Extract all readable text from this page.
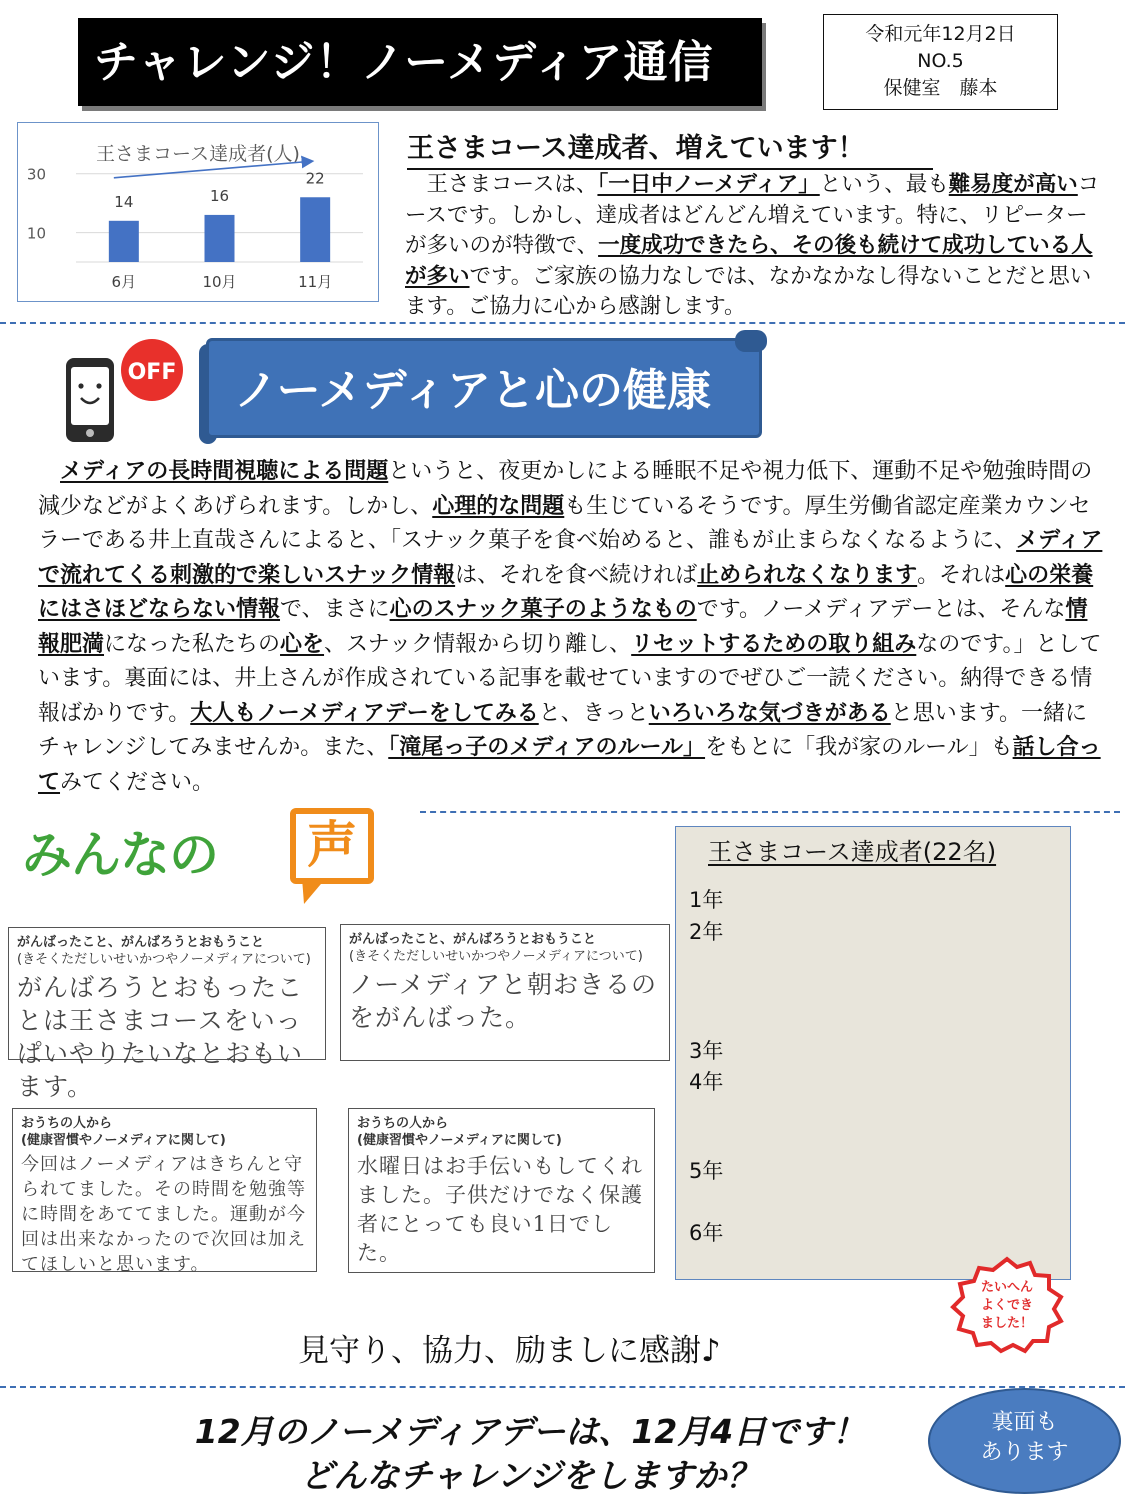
チャレンジ！ノーメディア通信
令和元年12月2日
NO.5
保健室　藤本
王さまコース達成者(人)
30
10
14
6月
16
10月
22
11月
王さまコース達成者、増えています！
　王さまコースは、「一日中ノーメディア」という、最も難易度が高いコースです。しかし、達成者はどんどん増えています。特に、リピーターが多いのが特徴で、一度成功できたら、その後も続けて成功している人が多いです。ご家族の協力なしでは、なかなかなし得ないことだと思います。ご協力に心から感謝します。
OFF ノーメディアと心の健康
　メディアの長時間視聴による問題というと、夜更かしによる睡眠不足や視力低下、運動不足や勉強時間の減少などがよくあげられます。しかし、心理的な問題も生じているそうです。厚生労働省認定産業カウンセラーである井上直哉さんによると、「スナック菓子を食べ始めると、誰もが止まらなくなるように、メディアで流れてくる刺激的で楽しいスナック情報は、それを食べ続ければ止められなくなります。それは心の栄養にはさほどならない情報で、まさに心のスナック菓子のようなものです。ノーメディアデーとは、そんな情報肥満になった私たちの心を、スナック情報から切り離し、リセットするための取り組みなのです。」としています。裏面には、井上さんが作成されている記事を載せていますのでぜひご一読ください。納得できる情報ばかりです。大人もノーメディアデーをしてみると、きっといろいろな気づきがあると思います。一緒にチャレンジしてみませんか。また、「滝尾っ子のメディアのルール」をもとに「我が家のルール」も話し合ってみてください。
みんなの	声
がんばったこと、がんばろうとおもうこと
(きそくただしいせいかつやノーメディアについて)
がんばろうとおもったことは王さまコースをいっぱいやりたいなとおもいます。
がんばったこと、がんばろうとおもうこと
(きそくただしいせいかつやノーメディアについて)
ノーメディアと朝おきるのをがんばった。
おうちの人から
(健康習慣やノーメディアに関して)
今回はノーメディアはきちんと守られてました。その時間を勉強等に時間をあててました。運動が今回は出来なかったので次回は加えてほしいと思います。
おうちの人から
(健康習慣やノーメディアに関して)
水曜日はお手伝いもしてくれました。子供だけでなく保護者にとっても良い1日でした。
王さまコース達成者(22名)
1年
2年
3年
4年
5年
6年
たいへん
よくでき
ました！
見守り、協力、励ましに感謝♪
12月のノーメディアデーは、12月4日です！
どんなチャレンジをしますか？
裏面も
あります
